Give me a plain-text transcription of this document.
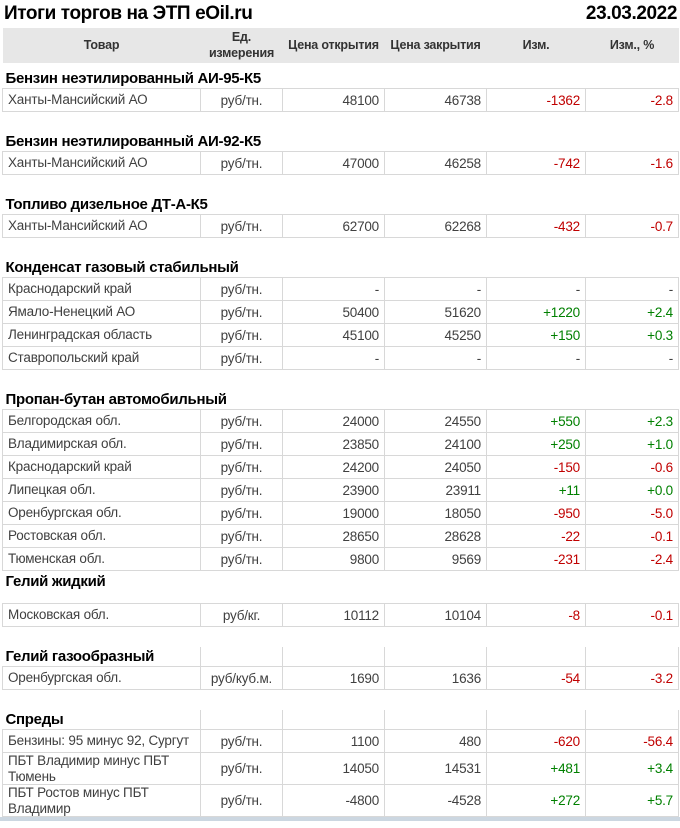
Итоги торгов на ЭТП eOil.ru	23.03.2022
Товар	Ед. измерения	Цена открытия	Цена закрытия	Изм.	Изм., %

Бензин неэтилированный АИ-95-К5					
Ханты-Мансийский АО	руб/тн.	48100	46738	-1362	-2.8

Бензин неэтилированный АИ-92-К5					
Ханты-Мансийский АО	руб/тн.	47000	46258	-742	-1.6

Топливо дизельное ДТ-А-К5					
Ханты-Мансийский АО	руб/тн.	62700	62268	-432	-0.7

Конденсат газовый стабильный					
Краснодарский край	руб/тн.	-	-	-	-
Ямало-Ненецкий АО	руб/тн.	50400	51620	+1220	+2.4
Ленинградская область	руб/тн.	45100	45250	+150	+0.3
Ставропольский край	руб/тн.	-	-	-	-

Пропан-бутан автомобильный					
Белгородская обл.	руб/тн.	24000	24550	+550	+2.3
Владимирская обл.	руб/тн.	23850	24100	+250	+1.0
Краснодарский край	руб/тн.	24200	24050	-150	-0.6
Липецкая обл.	руб/тн.	23900	23911	+11	+0.0
Оренбургская обл.	руб/тн.	19000	18050	-950	-5.0
Ростовская обл.	руб/тн.	28650	28628	-22	-0.1
Тюменская обл.	руб/тн.	9800	9569	-231	-2.4
Гелий жидкий					

Московская обл.	руб/кг.	10112	10104	-8	-0.1

Гелий газообразный					
Оренбургская обл.	руб/куб.м.	1690	1636	-54	-3.2

Спреды					
Бензины: 95 минус 92, Сургут	руб/тн.	1100	480	-620	-56.4
ПБТ Владимир минус ПБТ Тюмень	руб/тн.	14050	14531	+481	+3.4
ПБТ Ростов минус ПБТ Владимир	руб/тн.	-4800	-4528	+272	+5.7
